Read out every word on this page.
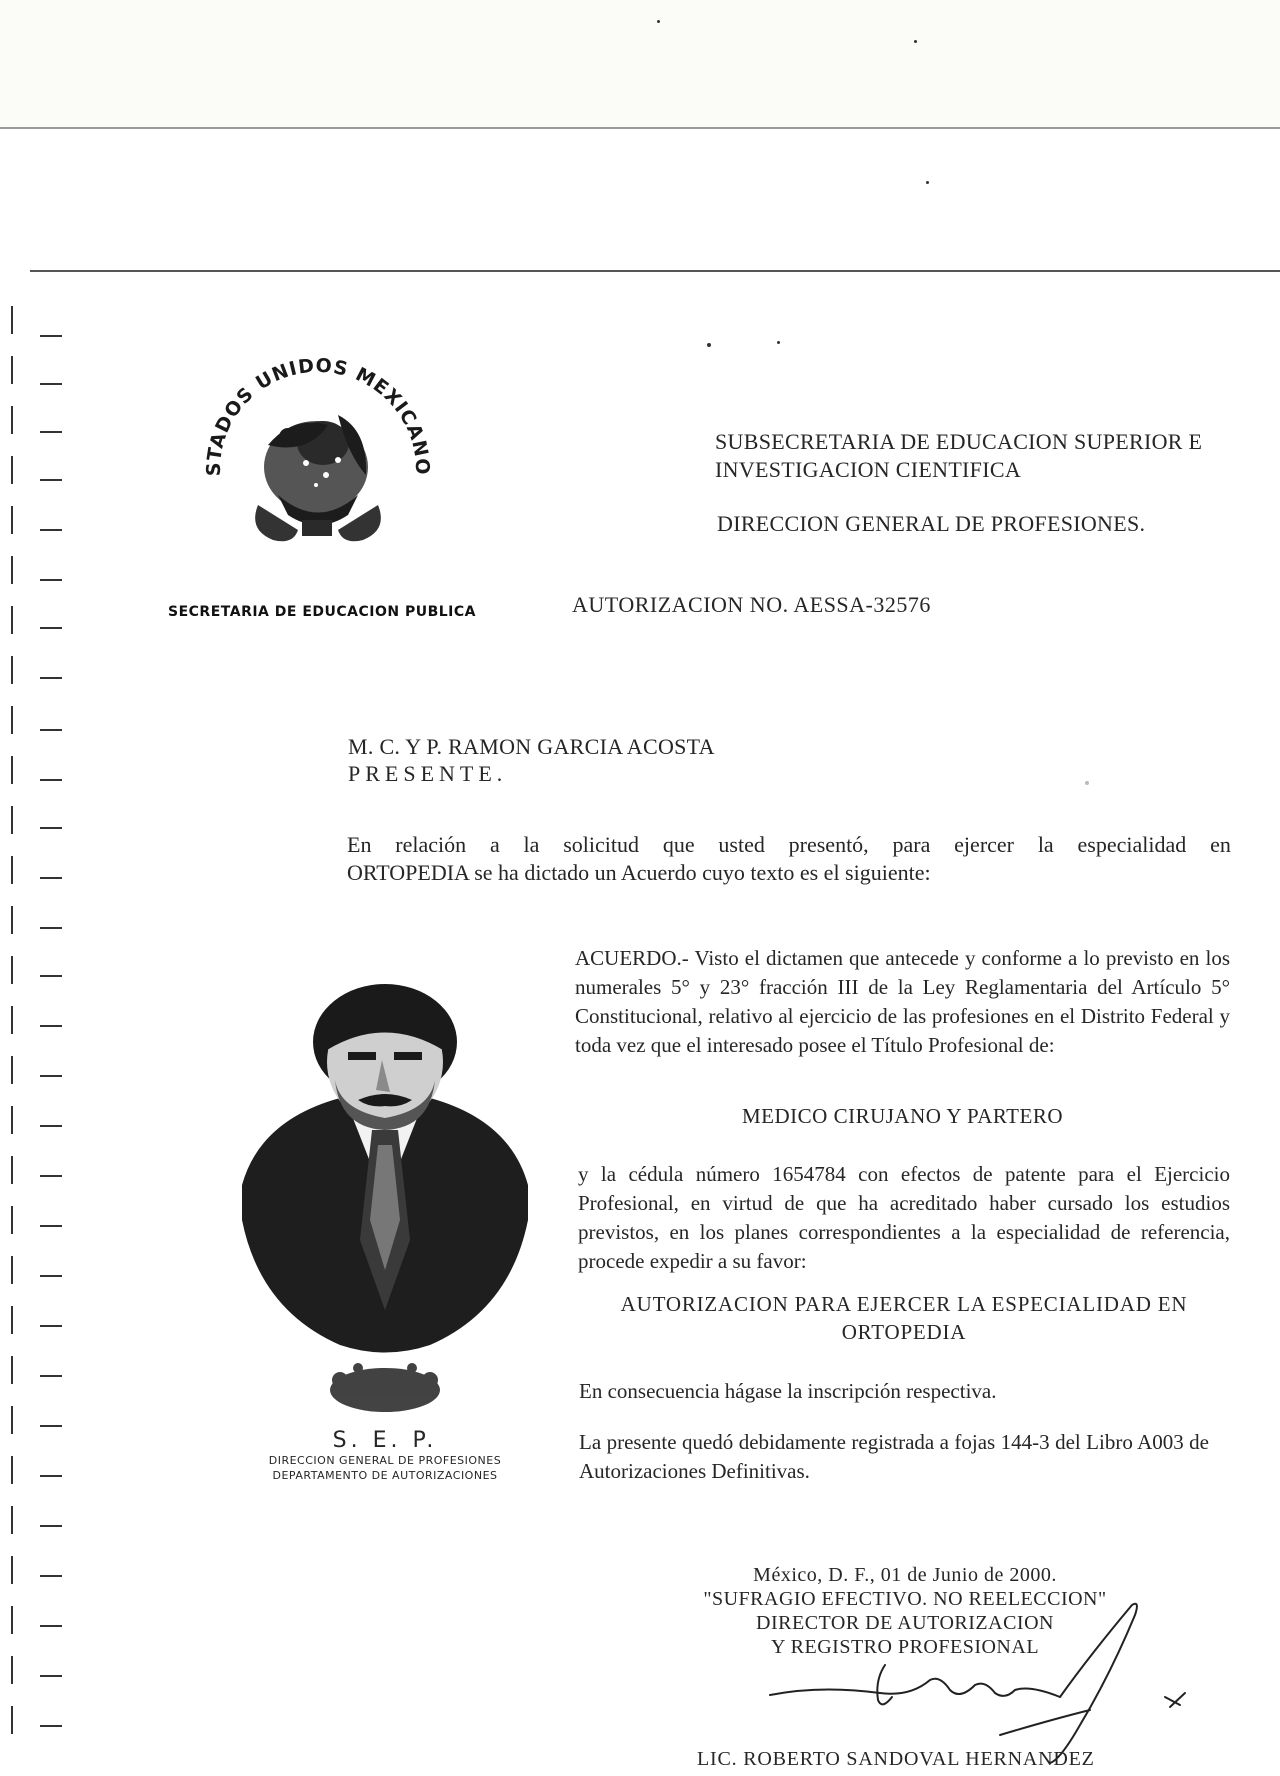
STADOS UNIDOS MEXICANO
SECRETARIA DE EDUCACION PUBLICA
SUBSECRETARIA DE EDUCACION SUPERIOR E
INVESTIGACION CIENTIFICA
DIRECCION GENERAL DE PROFESIONES.
AUTORIZACION NO. AESSA-32576
M. C. Y P. RAMON GARCIA ACOSTA
PRESENTE.
En relación a la solicitud que usted presentó, para ejercer la especialidad en
ORTOPEDIA se ha dictado un Acuerdo cuyo texto es el siguiente:
S. E. P.
DIRECCION GENERAL DE PROFESIONES
DEPARTAMENTO DE AUTORIZACIONES
ACUERDO.- Visto el dictamen que antecede y conforme a lo previsto en los numerales 5° y 23° fracción III de la Ley Reglamentaria del Artículo 5° Constitucional, relativo al ejercicio de las profesiones en el Distrito Federal y toda vez que el interesado posee el Título Profesional de:
MEDICO CIRUJANO Y PARTERO
y la cédula número 1654784 con efectos de patente para el Ejercicio Profesional, en virtud de que ha acreditado haber cursado los estudios previstos, en los planes correspondientes a la especialidad de referencia, procede expedir a su favor:
AUTORIZACION PARA EJERCER LA ESPECIALIDAD EN
ORTOPEDIA
En consecuencia hágase la inscripción respectiva.
La presente quedó debidamente registrada a fojas 144-3 del Libro A003 de Autorizaciones Definitivas.
México, D. F., 01 de Junio de 2000.
"SUFRAGIO EFECTIVO. NO REELECCION"
DIRECTOR DE AUTORIZACION
Y REGISTRO PROFESIONAL
LIC. ROBERTO SANDOVAL HERNANDEZ
